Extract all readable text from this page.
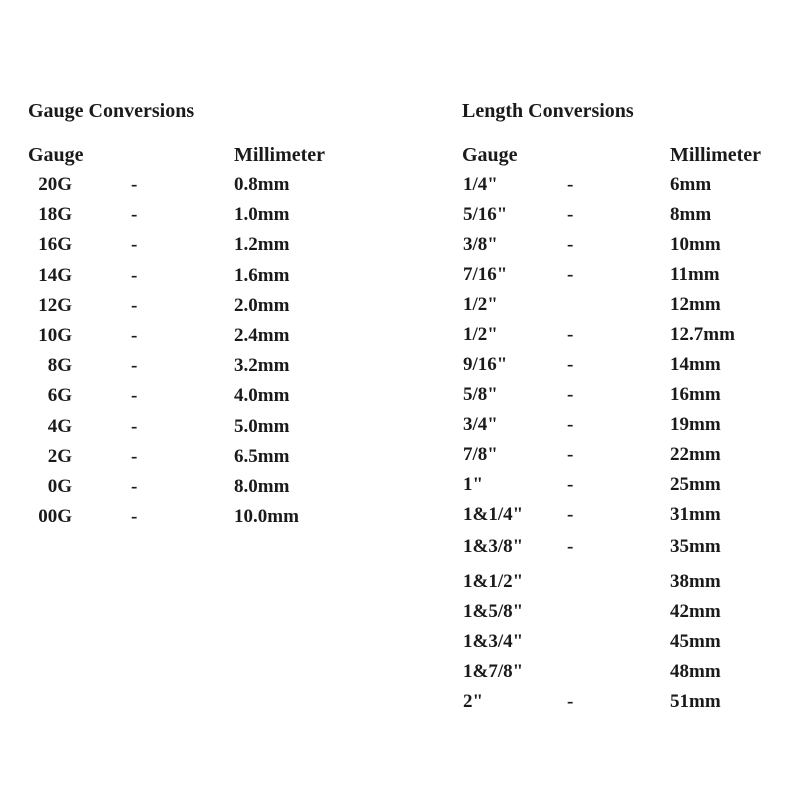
Gauge Conversions
Gauge	Millimeter
20G	-	0.8mm
18G	-	1.0mm
16G	-	1.2mm
14G	-	1.6mm
12G	-	2.0mm
10G	-	2.4mm
8G	-	3.2mm
6G	-	4.0mm
4G	-	5.0mm
2G	-	6.5mm
0G	-	8.0mm
00G	-	10.0mm
Length Conversions
Gauge	Millimeter
1/4"	-	6mm
5/16"	-	8mm
3/8"	-	10mm
7/16"	-	11mm
1/2"	12mm
1/2"	-	12.7mm
9/16"	-	14mm
5/8"	-	16mm
3/4"	-	19mm
7/8"	-	22mm
1"	-	25mm
1&1/4" -	31mm
1&3/8" -	35mm
1&1/2"	38mm
1&5/8"	42mm
1&3/4"	45mm
1&7/8"	48mm
2"	-	51mm
